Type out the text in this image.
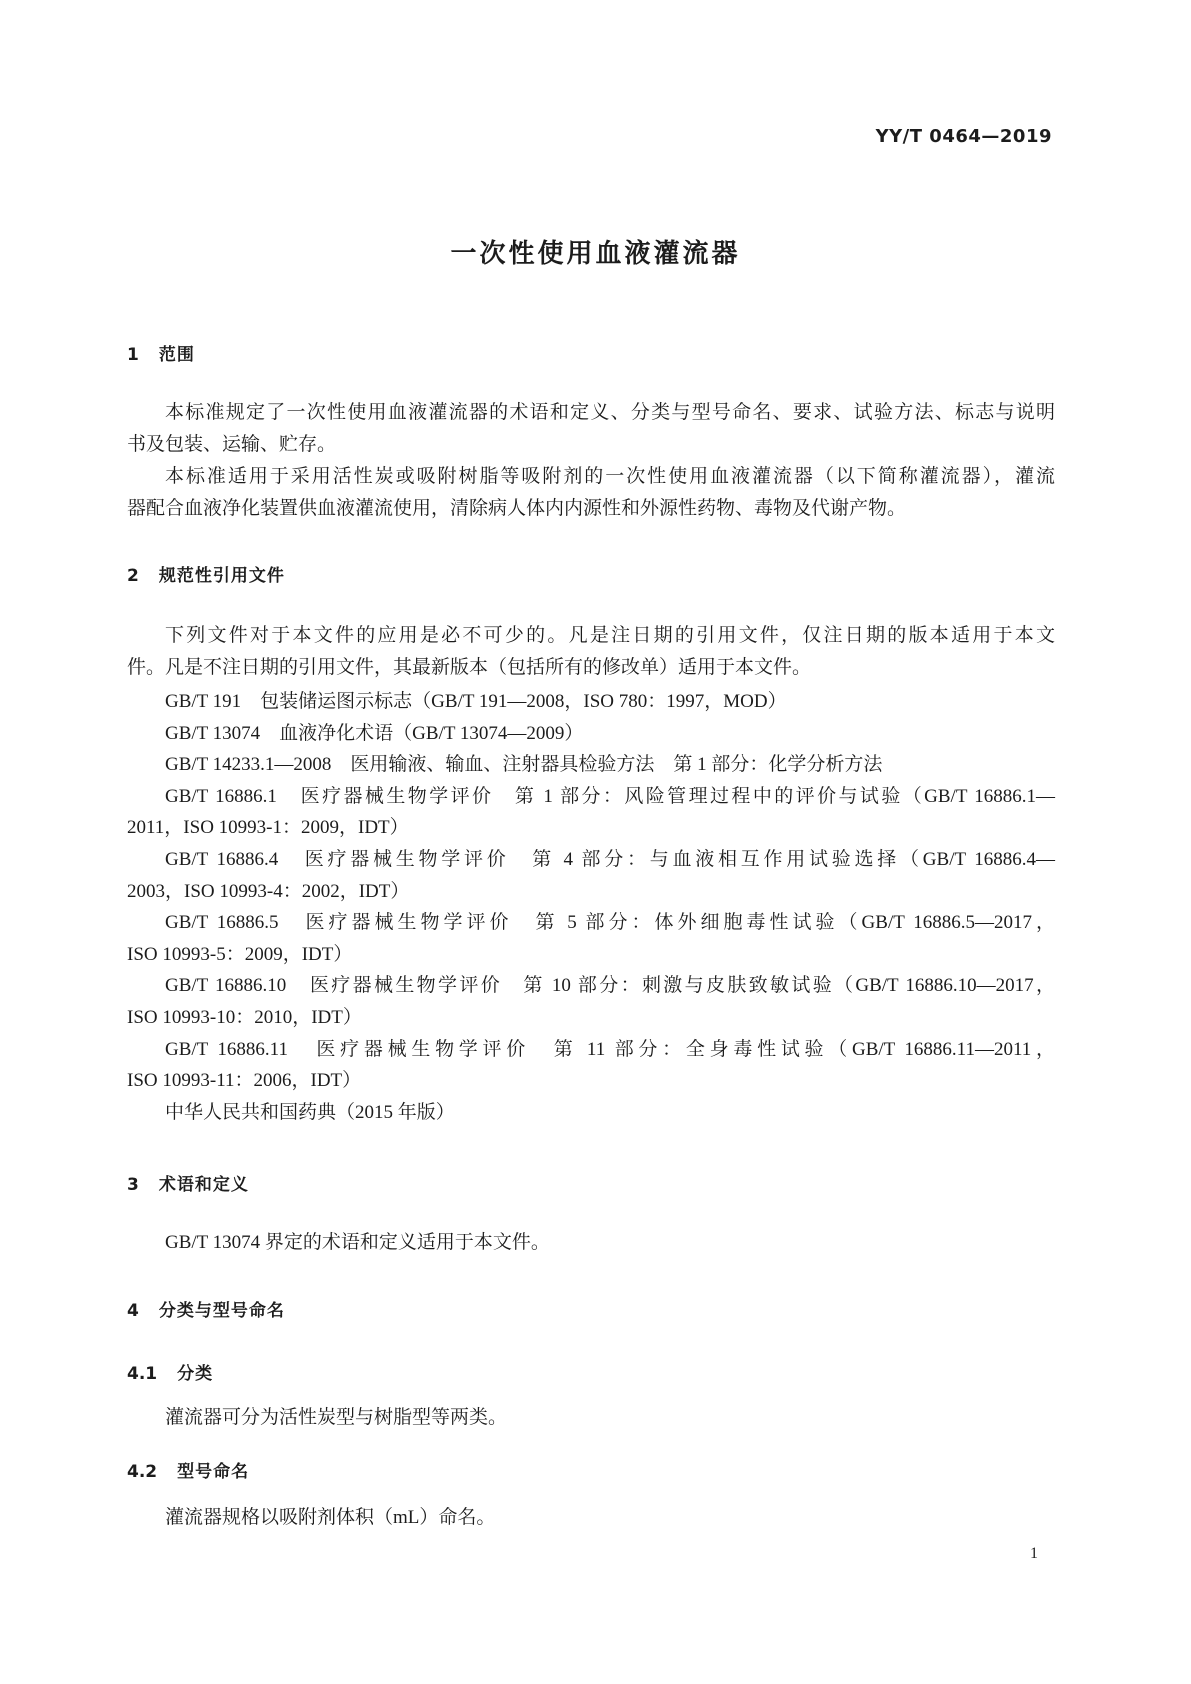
YY/T 0464—2019
一次性使用血液灌流器
1 范围
本标准规定了一次性使用血液灌流器的术语和定义、分类与型号命名、要求、试验方法、标志与说明
书及包装、运输、贮存。
本标准适用于采用活性炭或吸附树脂等吸附剂的一次性使用血液灌流器（以下简称灌流器），灌流
器配合血液净化装置供血液灌流使用，清除病人体内内源性和外源性药物、毒物及代谢产物。
2 规范性引用文件
下列文件对于本文件的应用是必不可少的。凡是注日期的引用文件，仅注日期的版本适用于本文
件。凡是不注日期的引用文件，其最新版本（包括所有的修改单）适用于本文件。
GB/T 191　包装储运图示标志（GB/T 191—2008，ISO 780：1997，MOD）
GB/T 13074　血液净化术语（GB/T 13074—2009）
GB/T 14233.1—2008　医用输液、输血、注射器具检验方法　第 1 部分：化学分析方法
GB/T 16886.1　医疗器械生物学评价　第 1 部分：风险管理过程中的评价与试验（GB/T 16886.1—
2011，ISO 10993-1：2009，IDT）
GB/T 16886.4　医疗器械生物学评价　第 4 部分：与血液相互作用试验选择（GB/T 16886.4—
2003，ISO 10993-4：2002，IDT）
GB/T 16886.5　医疗器械生物学评价　第 5 部分：体外细胞毒性试验（GB/T 16886.5—2017，
ISO 10993-5：2009，IDT）
GB/T 16886.10　医疗器械生物学评价　第 10 部分：刺激与皮肤致敏试验（GB/T 16886.10—2017，
ISO 10993-10：2010，IDT）
GB/T 16886.11　医疗器械生物学评价　第 11 部分：全身毒性试验（GB/T 16886.11—2011，
ISO 10993-11：2006，IDT）
中华人民共和国药典（2015 年版）
3 术语和定义
GB/T 13074 界定的术语和定义适用于本文件。
4 分类与型号命名
4.1 分类
灌流器可分为活性炭型与树脂型等两类。
4.2 型号命名
灌流器规格以吸附剂体积（mL）命名。
1
